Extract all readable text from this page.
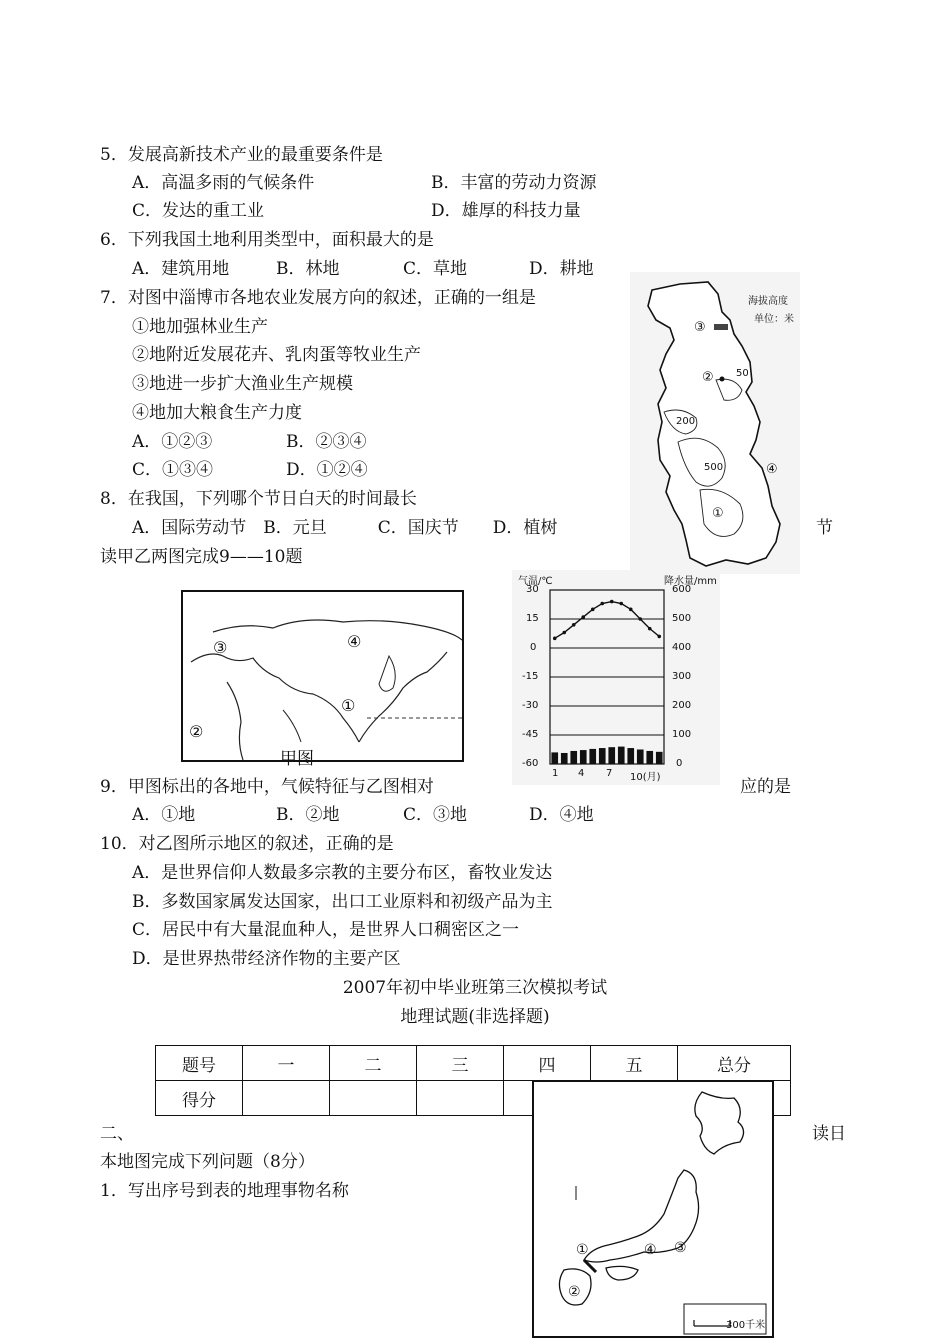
5．发展高新技术产业的最重要条件是
A．高温多雨的气候条件	B．丰富的劳动力资源
C．发达的重工业	D．雄厚的科技力量
6．下列我国土地利用类型中，面积最大的是
A．建筑用地	B．林地	C．草地	D．耕地
7．对图中淄博市各地农业发展方向的叙述，正确的一组是
①地加强林业生产
②地附近发展花卉、乳肉蛋等牧业生产
③地进一步扩大渔业生产规模
④地加大粮食生产力度
A．①②③	B．②③④
C．①③④	D．①②④
8．在我国，下列哪个节日白天的时间最长
A．国际劳动节　B．元旦　　　C．国庆节　　D．植树	节
读甲乙两图完成9——10题
海拔高度
单位：米
50
200
500
③
②
④
①
③	④
①
②
甲图
气温/℃	降水量/mm
30
15
0
-15
-30
-45
-60
600
500
400
300
200
100
0
1 4 7 10(月)
9．甲图标出的各地中，气候特征与乙图相对	应的是
A．①地	B．②地	C．③地	D．④地
10．对乙图所示地区的叙述，正确的是
A．是世界信仰人数最多宗教的主要分布区，畜牧业发达
B．多数国家属发达国家，出口工业原料和初级产品为主
C．居民中有大量混血种人，是世界人口稠密区之一
D．是世界热带经济作物的主要产区
2007年初中毕业班第三次模拟考试
地理试题(非选择题)
题号	一	二	三	四	五	总分
得分						
二、	读日
本地图完成下列问题（8分）
1．写出序号到表的地理事物名称
300千米
①	④ ③
②
